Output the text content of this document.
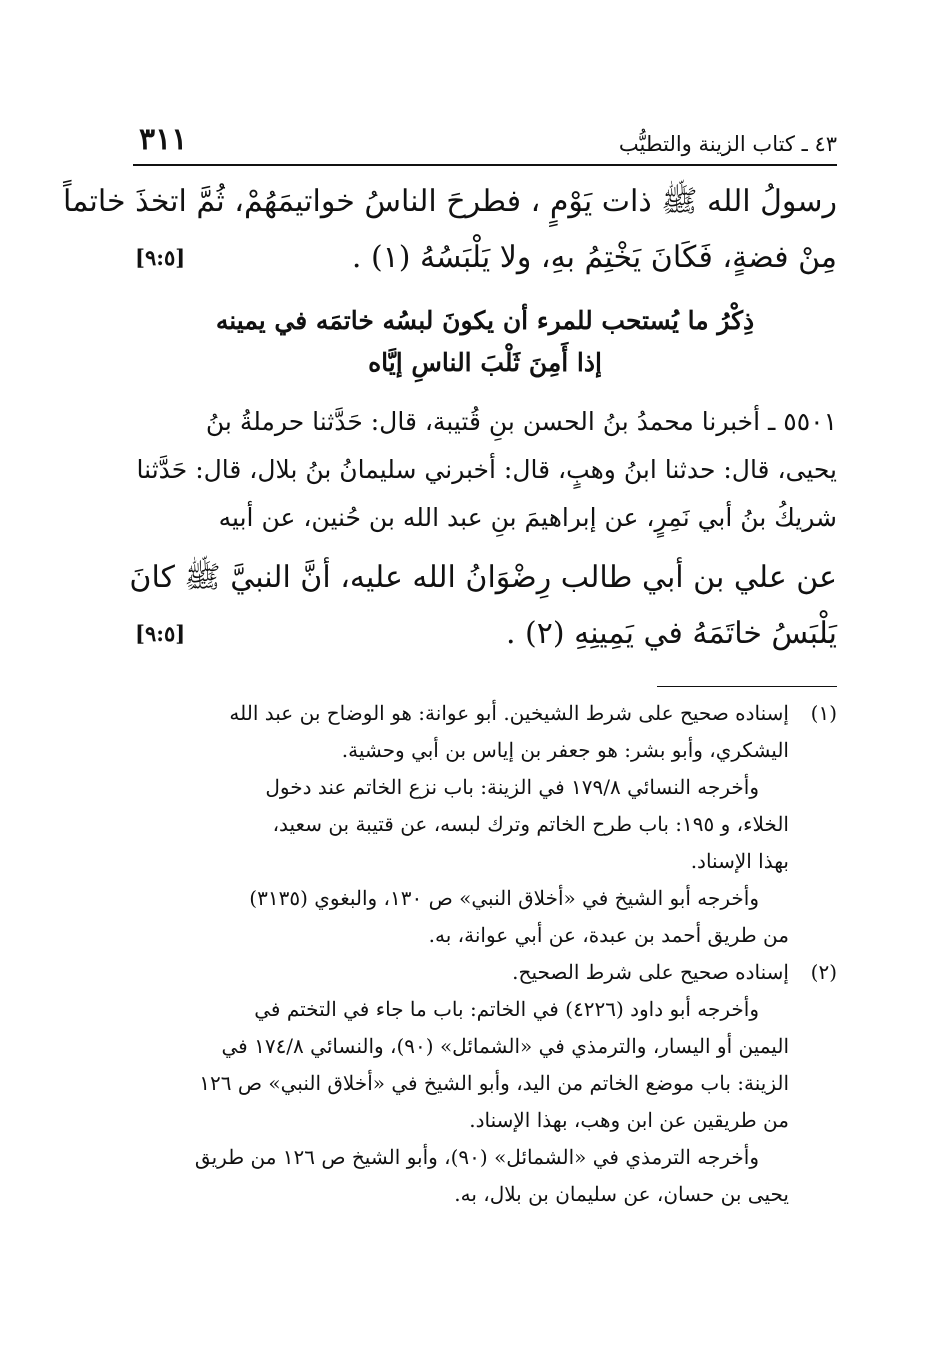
٤٣ ـ كتاب الزينة والتطيُّب
٣١١
رسولُ الله ﷺ ذات يَوْمٍ ، فطرحَ الناسُ خواتيمَهُمْ، ثُمَّ اتخذَ خاتماً
مِنْ فضةٍ، فَكَانَ يَخْتِمُ بهِ، ولا يَلْبَسُهُ (١) .
[٩:٥]
ذِكْرُ ما يُستحب للمرء أن يكونَ لبسُه خاتمَه في يمينه
إذا أَمِنَ ثَلْبَ الناسِ إيَّاه
٥٥٠١ ـ أخبرنا محمدُ بنُ الحسن بنِ قُتيبة، قال: حَدَّثنا حرملةُ بنُ
يحيى، قال: حدثنا ابنُ وهبٍ، قال: أخبرني سليمانُ بنُ بلال، قال: حَدَّثنا
شريكُ بنُ أبي نَمِرٍ، عن إبراهيمَ بنِ عبد الله بن حُنين، عن أبيه
عن علي بن أبي طالب رِضْوَانُ الله عليه، أنَّ النبيَّ ﷺ كانَ
يَلْبَسُ خاتَمَهُ في يَمِينِهِ (٢) .
[٩:٥]
(١)
إسناده صحيح على شرط الشيخين. أبو عوانة: هو الوضاح بن عبد الله
اليشكري، وأبو بشر: هو جعفر بن إياس بن أبي وحشية.
وأخرجه النسائي ١٧٩/٨ في الزينة: باب نزع الخاتم عند دخول
الخلاء، و ١٩٥: باب طرح الخاتم وترك لبسه، عن قتيبة بن سعيد،
بهذا الإسناد.
وأخرجه أبو الشيخ في «أخلاق النبي» ص ١٣٠، والبغوي (٣١٣٥)
من طريق أحمد بن عبدة، عن أبي عوانة، به.
(٢)
إسناده صحيح على شرط الصحيح.
وأخرجه أبو داود (٤٢٢٦) في الخاتم: باب ما جاء في التختم في
اليمين أو اليسار، والترمذي في «الشمائل» (٩٠)، والنسائي ١٧٤/٨ في
الزينة: باب موضع الخاتم من اليد، وأبو الشيخ في «أخلاق النبي» ص ١٢٦
من طريقين عن ابن وهب، بهذا الإسناد.
وأخرجه الترمذي في «الشمائل» (٩٠)، وأبو الشيخ ص ١٢٦ من طريق
يحيى بن حسان، عن سليمان بن بلال، به.
